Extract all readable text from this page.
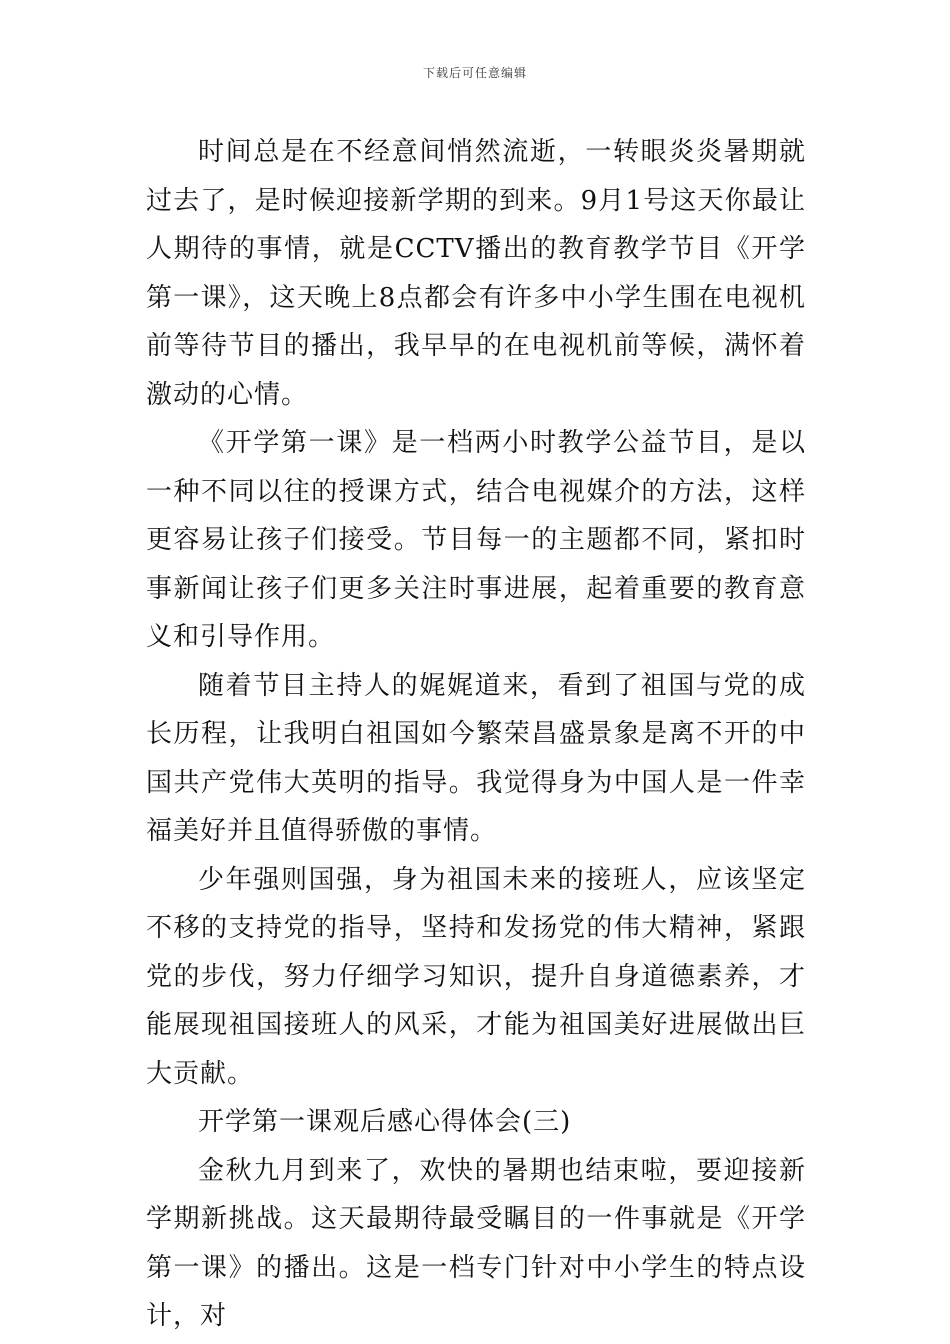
下载后可任意编辑

时间总是在不经意间悄然流逝，一转眼炎炎暑期就过去了，是时候迎接新学期的到来。9月1号这天你最让人期待的事情，就是CCTV播出的教育教学节目《开学第一课》，这天晚上8点都会有许多中小学生围在电视机前等待节目的播出，我早早的在电视机前等候，满怀着激动的心情。

《开学第一课》是一档两小时教学公益节目，是以一种不同以往的授课方式，结合电视媒介的方法，这样更容易让孩子们接受。节目每一的主题都不同，紧扣时事新闻让孩子们更多关注时事进展，起着重要的教育意义和引导作用。

随着节目主持人的娓娓道来，看到了祖国与党的成长历程，让我明白祖国如今繁荣昌盛景象是离不开的中国共产党伟大英明的指导。我觉得身为中国人是一件幸福美好并且值得骄傲的事情。

少年强则国强，身为祖国未来的接班人，应该坚定不移的支持党的指导，坚持和发扬党的伟大精神，紧跟党的步伐，努力仔细学习知识，提升自身道德素养，才能展现祖国接班人的风采，才能为祖国美好进展做出巨大贡献。

开学第一课观后感心得体会(三)

金秋九月到来了，欢快的暑期也结束啦，要迎接新学期新挑战。这天最期待最受瞩目的一件事就是《开学第一课》的播出。这是一档专门针对中小学生的特点设计，对
